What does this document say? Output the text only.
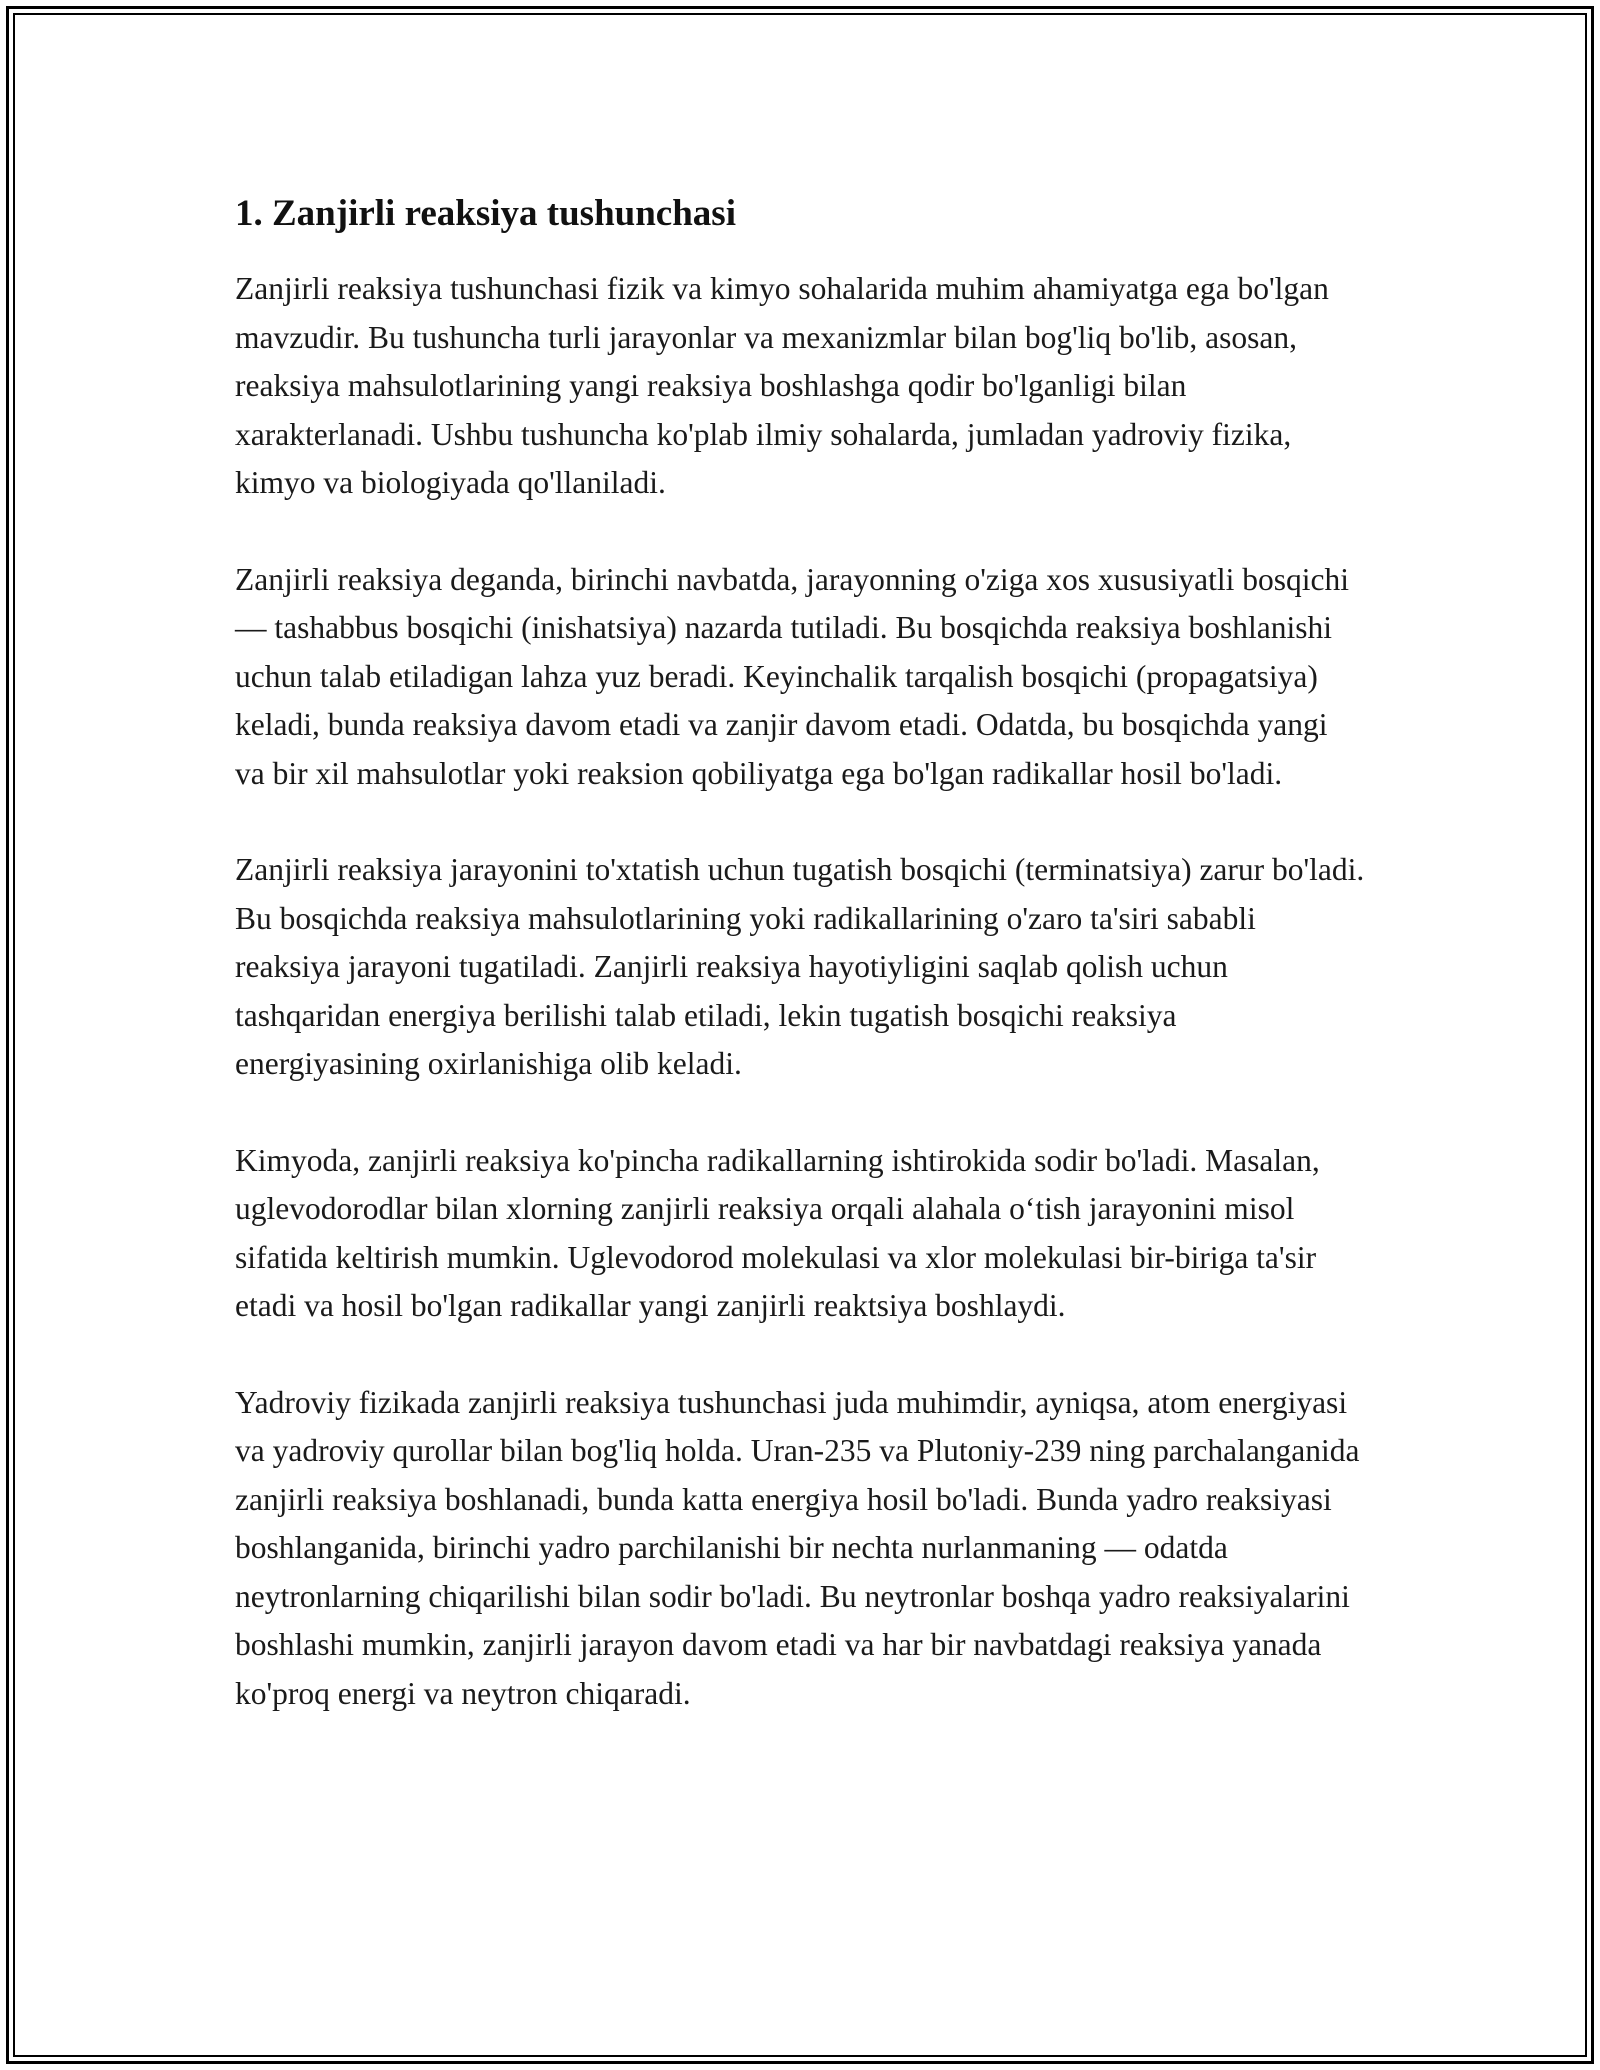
1. Zanjirli reaksiya tushunchasi

Zanjirli reaksiya tushunchasi fizik va kimyo sohalarida muhim ahamiyatga ega bo'lgan mavzudir. Bu tushuncha turli jarayonlar va mexanizmlar bilan bog'liq bo'lib, asosan, reaksiya mahsulotlarining yangi reaksiya boshlashga qodir bo'lganligi bilan xarakterlanadi. Ushbu tushuncha ko'plab ilmiy sohalarda, jumladan yadroviy fizika, kimyo va biologiyada qo'llaniladi.

Zanjirli reaksiya deganda, birinchi navbatda, jarayonning o'ziga xos xususiyatli bosqichi — tashabbus bosqichi (inishatsiya) nazarda tutiladi. Bu bosqichda reaksiya boshlanishi uchun talab etiladigan lahza yuz beradi. Keyinchalik tarqalish bosqichi (propagatsiya) keladi, bunda reaksiya davom etadi va zanjir davom etadi. Odatda, bu bosqichda yangi va bir xil mahsulotlar yoki reaksion qobiliyatga ega bo'lgan radikallar hosil bo'ladi.

Zanjirli reaksiya jarayonini to'xtatish uchun tugatish bosqichi (terminatsiya) zarur bo'ladi. Bu bosqichda reaksiya mahsulotlarining yoki radikallarining o'zaro ta'siri sababli reaksiya jarayoni tugatiladi. Zanjirli reaksiya hayotiyligini saqlab qolish uchun tashqaridan energiya berilishi talab etiladi, lekin tugatish bosqichi reaksiya energiyasining oxirlanishiga olib keladi.

Kimyoda, zanjirli reaksiya ko'pincha radikallarning ishtirokida sodir bo'ladi. Masalan, uglevodorodlar bilan xlorning zanjirli reaksiya orqali alahala o‘tish jarayonini misol sifatida keltirish mumkin. Uglevodorod molekulasi va xlor molekulasi bir-biriga ta'sir etadi va hosil bo'lgan radikallar yangi zanjirli reaktsiya boshlaydi.

Yadroviy fizikada zanjirli reaksiya tushunchasi juda muhimdir, ayniqsa, atom energiyasi va yadroviy qurollar bilan bog'liq holda. Uran-235 va Plutoniy-239 ning parchalanganida zanjirli reaksiya boshlanadi, bunda katta energiya hosil bo'ladi. Bunda yadro reaksiyasi boshlanganida, birinchi yadro parchilanishi bir nechta nurlanmaning — odatda neytronlarning chiqarilishi bilan sodir bo'ladi. Bu neytronlar boshqa yadro reaksiyalarini boshlashi mumkin, zanjirli jarayon davom etadi va har bir navbatdagi reaksiya yanada ko'proq energi va neytron chiqaradi.
